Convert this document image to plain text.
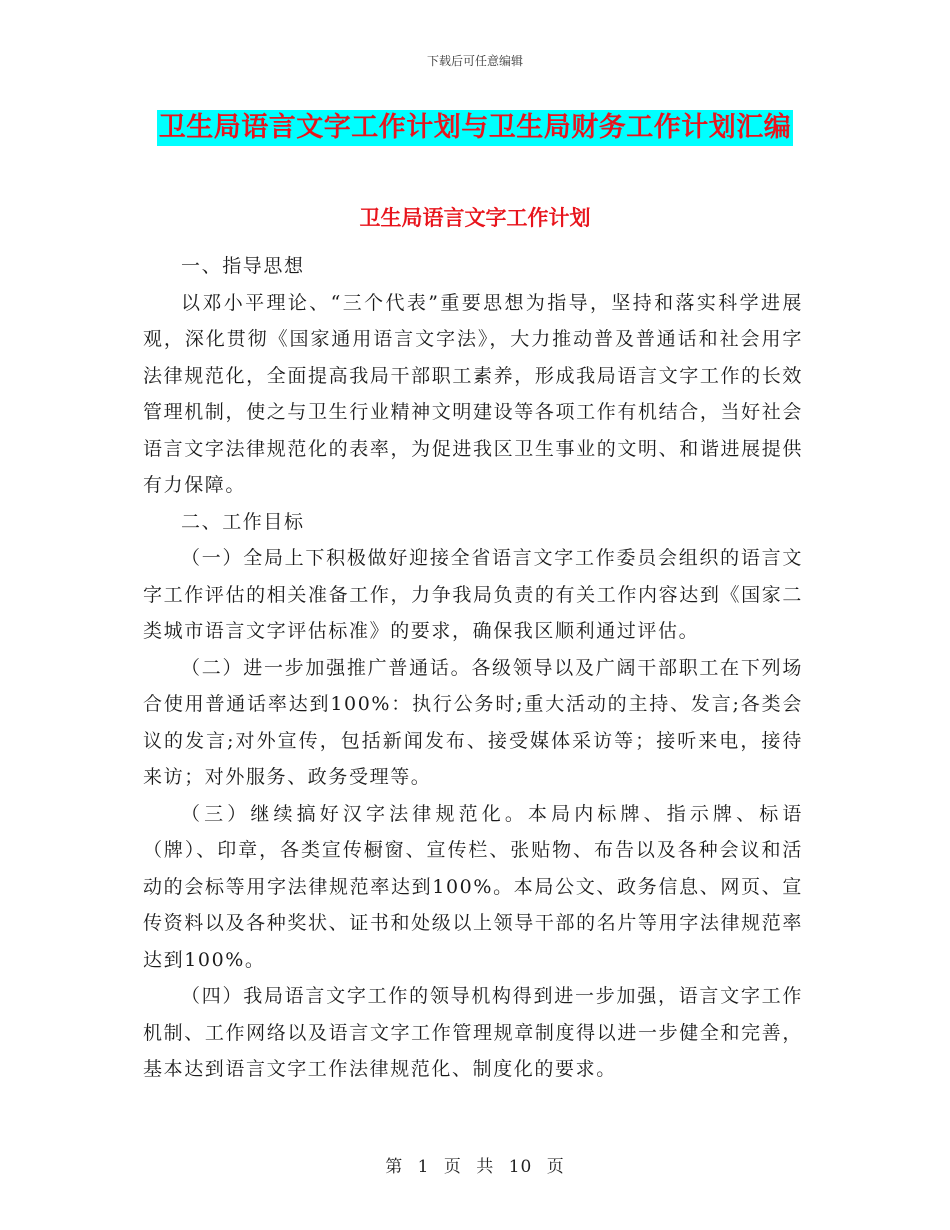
下载后可任意编辑
卫生局语言文字工作计划与卫生局财务工作计划汇编
卫生局语言文字工作计划

一、指导思想

以邓小平理论、“三个代表”重要思想为指导，坚持和落实科学进展观，深化贯彻《国家通用语言文字法》，大力推动普及普通话和社会用字法律规范化，全面提高我局干部职工素养，形成我局语言文字工作的长效管理机制，使之与卫生行业精神文明建设等各项工作有机结合，当好社会语言文字法律规范化的表率，为促进我区卫生事业的文明、和谐进展提供有力保障。

二、工作目标

（一）全局上下积极做好迎接全省语言文字工作委员会组织的语言文字工作评估的相关准备工作，力争我局负责的有关工作内容达到《国家二类城市语言文字评估标准》的要求，确保我区顺利通过评估。

（二）进一步加强推广普通话。各级领导以及广阔干部职工在下列场合使用普通话率达到100%：执行公务时;重大活动的主持、发言;各类会议的发言;对外宣传，包括新闻发布、接受媒体采访等；接听来电，接待来访；对外服务、政务受理等。

（三）继续搞好汉字法律规范化。本局内标牌、指示牌、标语（牌）、印章，各类宣传橱窗、宣传栏、张贴物、布告以及各种会议和活动的会标等用字法律规范率达到100%。本局公文、政务信息、网页、宣传资料以及各种奖状、证书和处级以上领导干部的名片等用字法律规范率达到100%。

（四）我局语言文字工作的领导机构得到进一步加强，语言文字工作机制、工作网络以及语言文字工作管理规章制度得以进一步健全和完善，基本达到语言文字工作法律规范化、制度化的要求。

第 1 页 共 10 页
